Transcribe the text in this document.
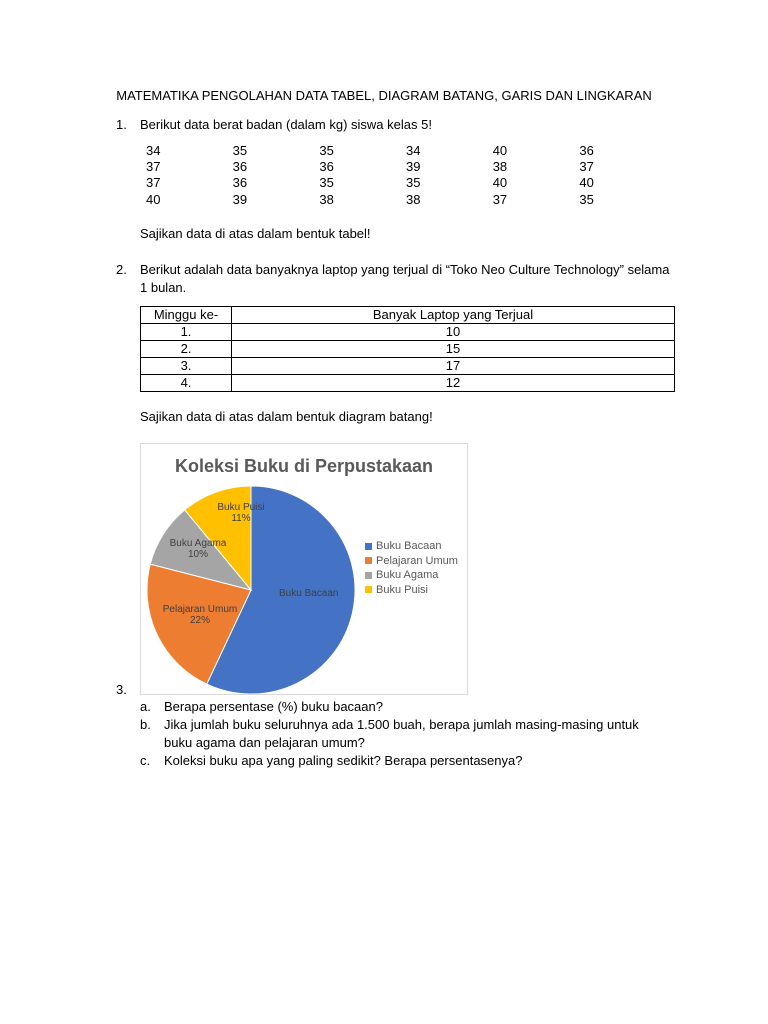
MATEMATIKA PENGOLAHAN DATA TABEL, DIAGRAM BATANG, GARIS DAN LINGKARAN
1. Berikut data berat badan (dalam kg) siswa kelas 5!
34	35	35	34	40	36
37	36	36	39	38	37
37	36	35	35	40	40
40	39	38	38	37	35
Sajikan data di atas dalam bentuk tabel!
2. Berikut adalah data banyaknya laptop yang terjual di “Toko Neo Culture Technology” selama
1 bulan.
Minggu ke-	Banyak Laptop yang Terjual
1.	10
2.	15
3.	17
4.	12
Sajikan data di atas dalam bentuk diagram batang!
Koleksi Buku di Perpustakaan
Buku Bacaan
Pelajaran Umum 22%
Buku Agama 10%
Buku Puisi 11%
Buku Bacaan
Pelajaran Umum
Buku Agama
Buku Puisi
3.
a.	Berapa persentase (%) buku bacaan?
b.	Jika jumlah buku seluruhnya ada 1.500 buah, berapa jumlah masing-masing untuk buku agama dan pelajaran umum?
c.	Koleksi buku apa yang paling sedikit? Berapa persentasenya?
